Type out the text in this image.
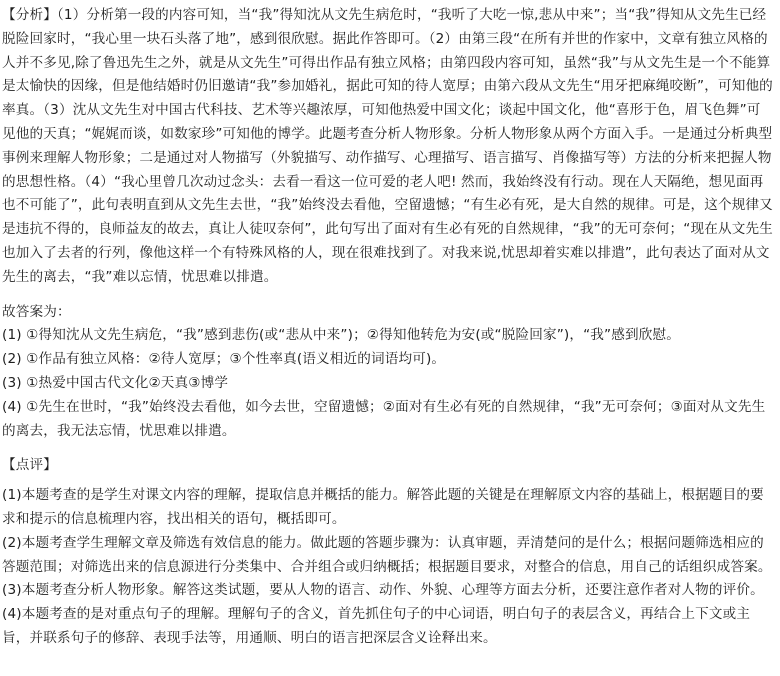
【分析】（1）分析第一段的内容可知，当“我”得知沈从文先生病危时，“我听了大吃一惊,悲从中来”；当“我”得知从文先生已经脱险回家时，“我心里一块石头落了地”，感到很欣慰。据此作答即可。（2）由第三段“在所有并世的作家中，文章有独立风格的人并不多见,除了鲁迅先生之外，就是从文先生”可得出作品有独立风格；由第四段内容可知，虽然“我”与从文先生是一个不能算是太愉快的因缘，但是他结婚时仍旧邀请“我”参加婚礼，据此可知的待人宽厚；由第六段从文先生“用牙把麻绳咬断”，可知他的率真。（3）沈从文先生对中国古代科技、艺术等兴趣浓厚，可知他热爱中国文化；谈起中国文化，他“喜形于色，眉飞色舞”可见他的天真；“娓娓而谈，如数家珍”可知他的博学。此题考查分析人物形象。分析人物形象从两个方面入手。一是通过分析典型事例来理解人物形象；二是通过对人物描写（外貌描写、动作描写、心理描写、语言描写、肖像描写等）方法的分析来把握人物的思想性格。（4）“我心里曾几次动过念头：去看一看这一位可爱的老人吧! 然而，我始终没有行动。现在人天隔绝，想见面再也不可能了”，此句表明直到从文先生去世，“我”始终没去看他，空留遗憾；“有生必有死，是大自然的规律。可是，这个规律又是违抗不得的，良师益友的故去，真让人徒叹奈何”，此句写出了面对有生必有死的自然规律，“我”的无可奈何；“现在从文先生也加入了去者的行列，像他这样一个有特殊风格的人，现在很难找到了。对我来说,忧思却着实难以排遣”，此句表达了面对从文先生的离去，“我”难以忘情，忧思难以排遣。

故答案为：

(1) ①得知沈从文先生病危，“我”感到悲伤(或“悲从中来”)；②得知他转危为安(或“脱险回家”)，“我”感到欣慰。

(2) ①作品有独立风格：②待人宽厚；③个性率真(语义相近的词语均可)。

(3) ①热爱中国古代文化②天真③博学

(4) ①先生在世时，“我”始终没去看他，如今去世，空留遗憾；②面对有生必有死的自然规律，“我”无可奈何；③面对从文先生的离去，我无法忘情，忧思难以排遣。

【点评】

(1)本题考查的是学生对课文内容的理解，提取信息并概括的能力。解答此题的关键是在理解原文内容的基础上，根据题目的要求和提示的信息梳理内容，找出相关的语句，概括即可。

(2)本题考查学生理解文章及筛选有效信息的能力。做此题的答题步骤为：认真审题，弄清楚问的是什么；根据问题筛选相应的答题范围；对筛选出来的信息源进行分类集中、合并组合或归纳概括；根据题目要求，对整合的信息，用自己的话组织成答案。

(3)本题考查分析人物形象。解答这类试题，要从人物的语言、动作、外貌、心理等方面去分析，还要注意作者对人物的评价。

(4)本题考查的是对重点句子的理解。理解句子的含义，首先抓住句子的中心词语，明白句子的表层含义，再结合上下文或主旨，并联系句子的修辞、表现手法等，用通顺、明白的语言把深层含义诠释出来。
